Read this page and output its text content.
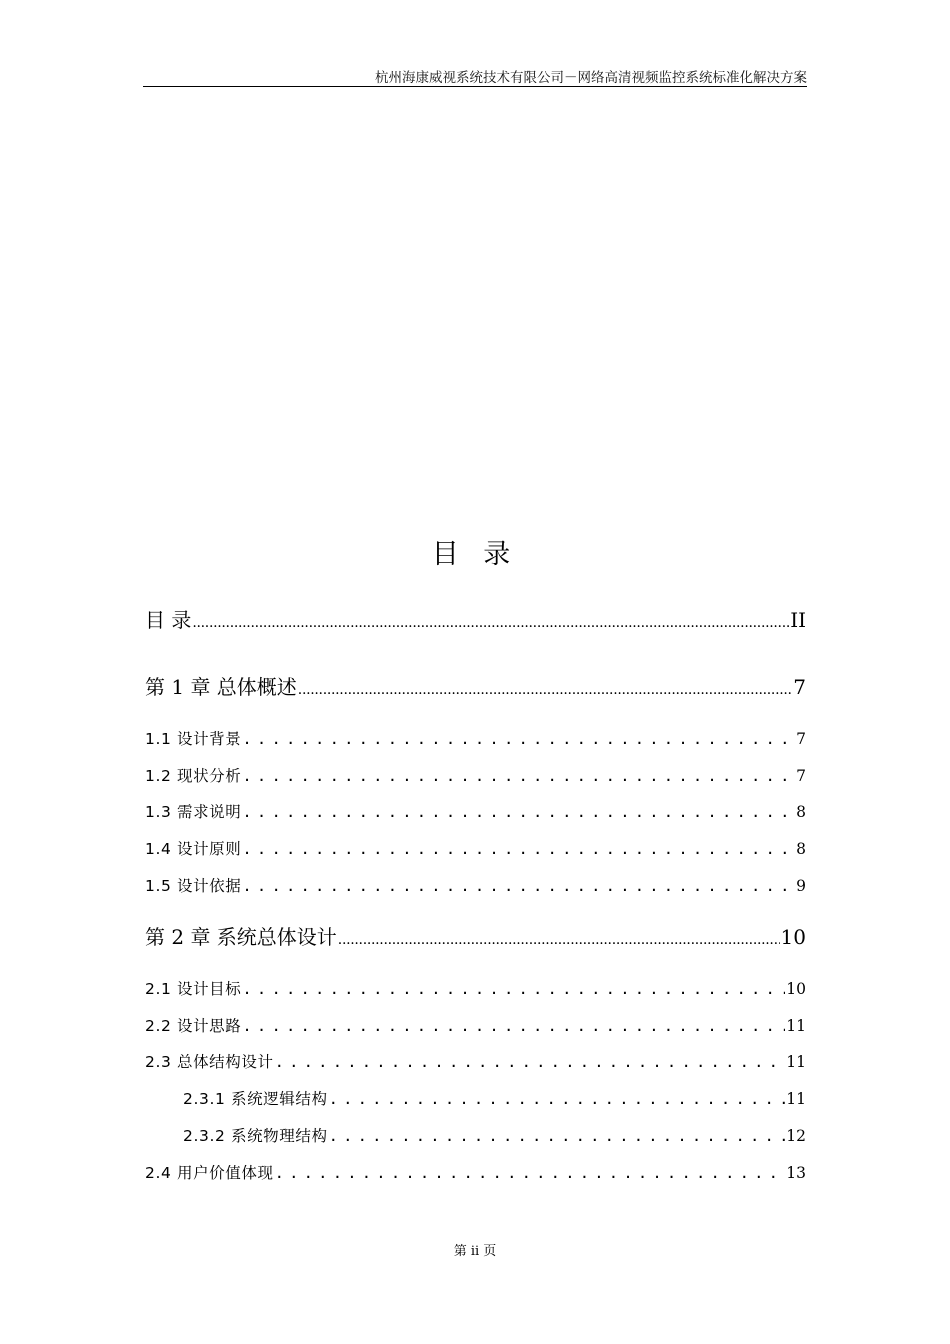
杭州海康威视系统技术有限公司－网络高清视频监控系统标准化解决方案
目 录
目 录 .....	II
第 1 章 总体概述 .....	7
1.1 设计背景 .....	7
1.2 现状分析 .....	7
1.3 需求说明 .....	8
1.4 设计原则 .....	8
1.5 设计依据 .....	9
第 2 章 系统总体设计 .....	10
2.1 设计目标 .....	10
2.2 设计思路 .....	11
2.3 总体结构设计 .....	11
2.3.1 系统逻辑结构 .....	11
2.3.2 系统物理结构 .....	12
2.4 用户价值体现 .....	13
第 ii 页
